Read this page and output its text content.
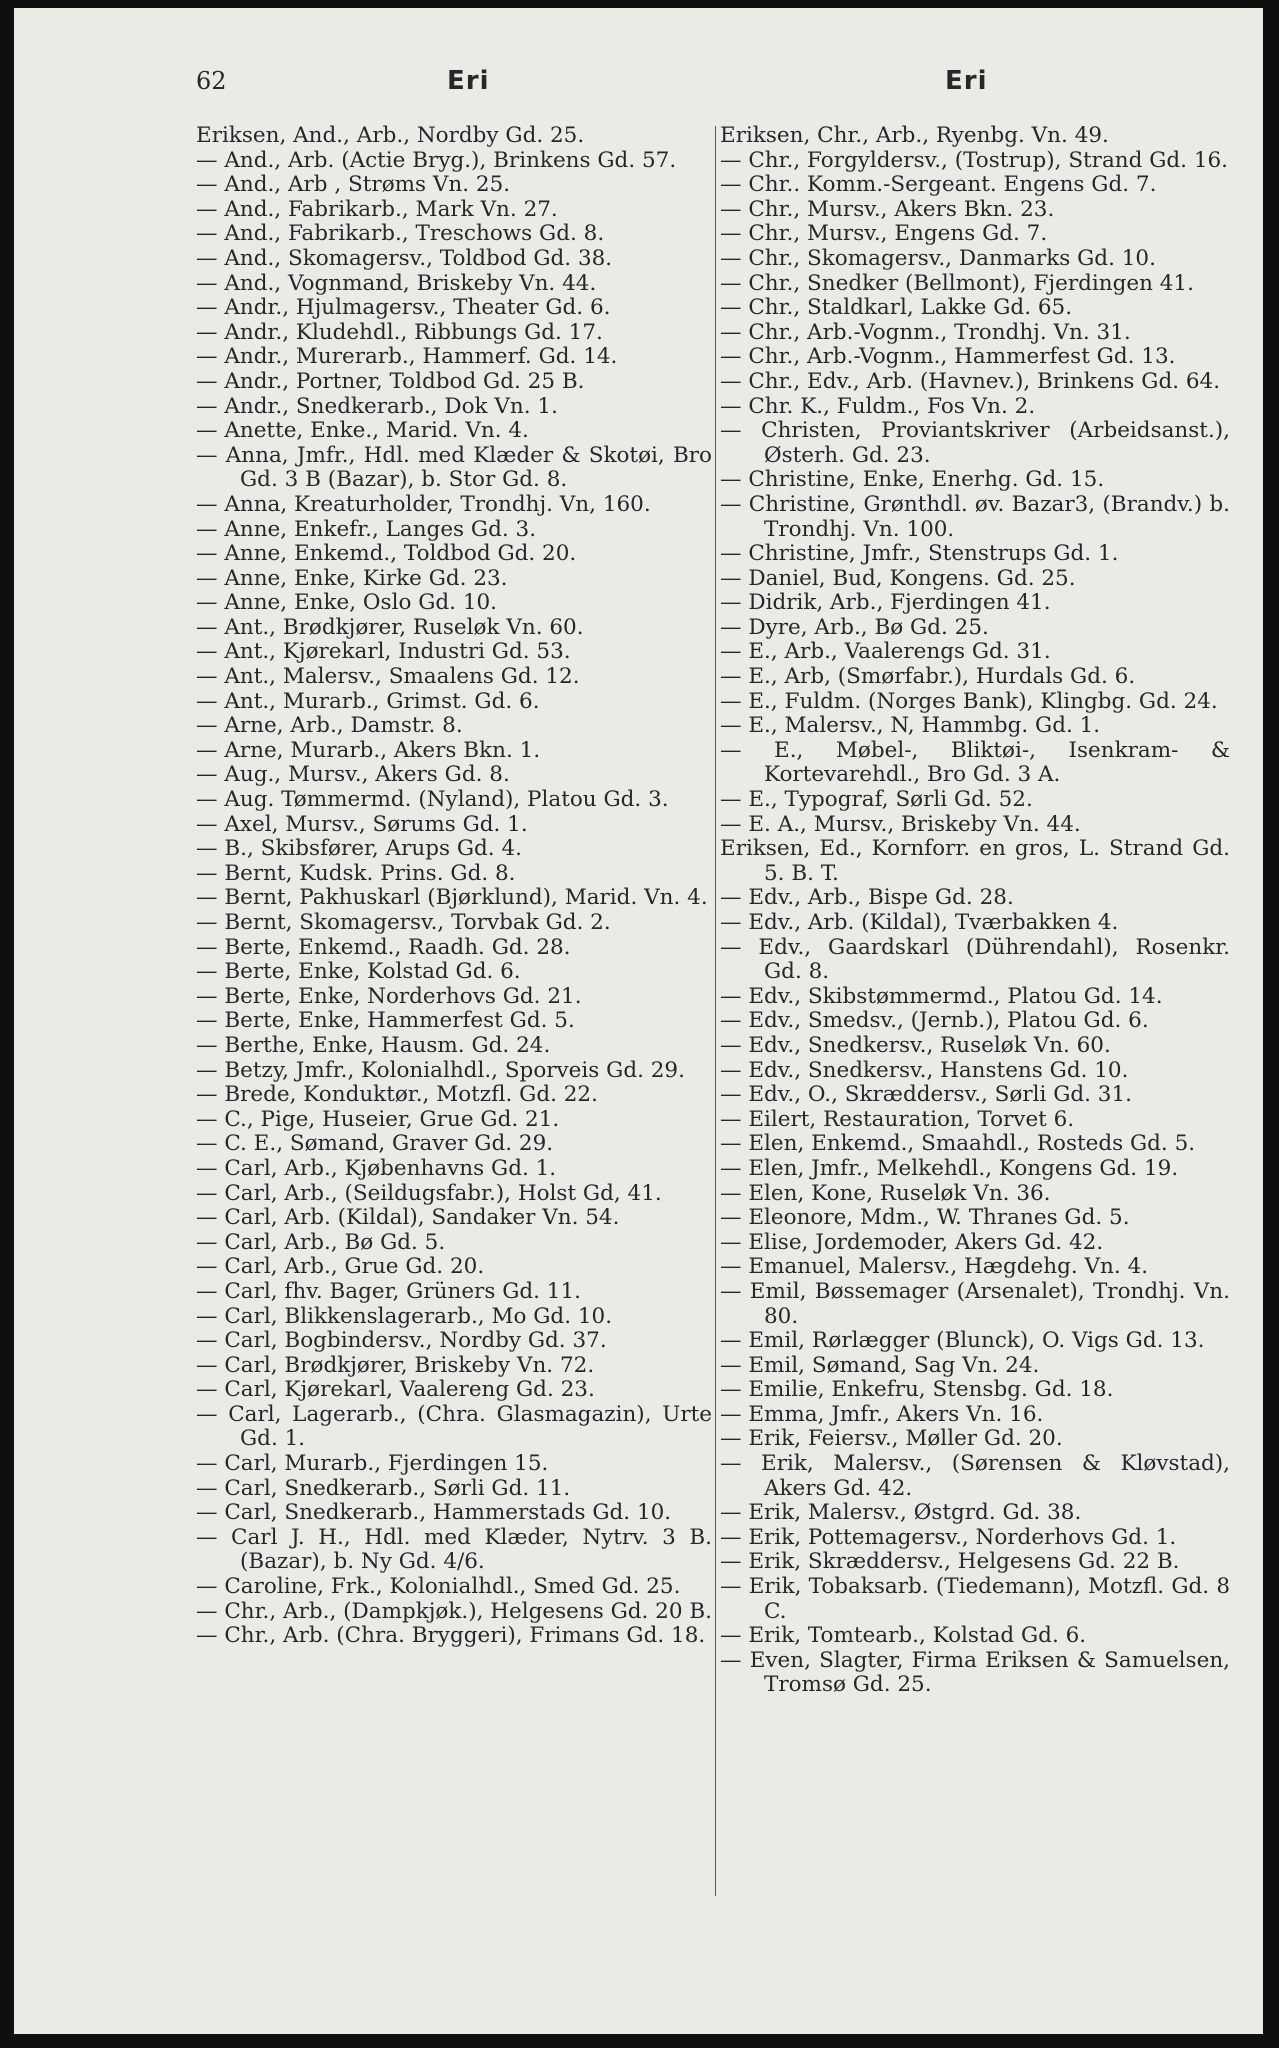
62	Eri	Eri
Eriksen, And., Arb., Nordby Gd. 25.
— And., Arb. (Actie Bryg.), Brinkens Gd. 57.
— And., Arb , Strøms Vn. 25.
— And., Fabrikarb., Mark Vn. 27.
— And., Fabrikarb., Treschows Gd. 8.
— And., Skomagersv., Toldbod Gd. 38.
— And., Vognmand, Briskeby Vn. 44.
— Andr., Hjulmagersv., Theater Gd. 6.
— Andr., Kludehdl., Ribbungs Gd. 17.
— Andr., Murerarb., Hammerf. Gd. 14.
— Andr., Portner, Toldbod Gd. 25 B.
— Andr., Snedkerarb., Dok Vn. 1.
— Anette, Enke., Marid. Vn. 4.
— Anna, Jmfr., Hdl. med Klæder & Skotøi, Bro Gd. 3 B (Bazar), b. Stor Gd. 8.
— Anna, Kreaturholder, Trondhj. Vn, 160.
— Anne, Enkefr., Langes Gd. 3.
— Anne, Enkemd., Toldbod Gd. 20.
— Anne, Enke, Kirke Gd. 23.
— Anne, Enke, Oslo Gd. 10.
— Ant., Brødkjører, Ruseløk Vn. 60.
— Ant., Kjørekarl, Industri Gd. 53.
— Ant., Malersv., Smaalens Gd. 12.
— Ant., Murarb., Grimst. Gd. 6.
— Arne, Arb., Damstr. 8.
— Arne, Murarb., Akers Bkn. 1.
— Aug., Mursv., Akers Gd. 8.
— Aug. Tømmermd. (Nyland), Platou Gd. 3.
— Axel, Mursv., Sørums Gd. 1.
— B., Skibsfører, Arups Gd. 4.
— Bernt, Kudsk. Prins. Gd. 8.
— Bernt, Pakhuskarl (Bjørklund), Marid. Vn. 4.
— Bernt, Skomagersv., Torvbak Gd. 2.
— Berte, Enkemd., Raadh. Gd. 28.
— Berte, Enke, Kolstad Gd. 6.
— Berte, Enke, Norderhovs Gd. 21.
— Berte, Enke, Hammerfest Gd. 5.
— Berthe, Enke, Hausm. Gd. 24.
— Betzy, Jmfr., Kolonialhdl., Sporveis Gd. 29.
— Brede, Konduktør., Motzfl. Gd. 22.
— C., Pige, Huseier, Grue Gd. 21.
— C. E., Sømand, Graver Gd. 29.
— Carl, Arb., Kjøbenhavns Gd. 1.
— Carl, Arb., (Seildugsfabr.), Holst Gd, 41.
— Carl, Arb. (Kildal), Sandaker Vn. 54.
— Carl, Arb., Bø Gd. 5.
— Carl, Arb., Grue Gd. 20.
— Carl, fhv. Bager, Grüners Gd. 11.
— Carl, Blikkenslagerarb., Mo Gd. 10.
— Carl, Bogbindersv., Nordby Gd. 37.
— Carl, Brødkjører, Briskeby Vn. 72.
— Carl, Kjørekarl, Vaalereng Gd. 23.
— Carl, Lagerarb., (Chra. Glasmagazin), Urte Gd. 1.
— Carl, Murarb., Fjerdingen 15.
— Carl, Snedkerarb., Sørli Gd. 11.
— Carl, Snedkerarb., Hammerstads Gd. 10.
— Carl J. H., Hdl. med Klæder, Nytrv. 3 B. (Bazar), b. Ny Gd. 4/6.
— Caroline, Frk., Kolonialhdl., Smed Gd. 25.
— Chr., Arb., (Dampkjøk.), Helgesens Gd. 20 B.
— Chr., Arb. (Chra. Bryggeri), Frimans Gd. 18.
Eriksen, Chr., Arb., Ryenbg. Vn. 49.
— Chr., Forgyldersv., (Tostrup), Strand Gd. 16.
— Chr.. Komm.-Sergeant. Engens Gd. 7.
— Chr., Mursv., Akers Bkn. 23.
— Chr., Mursv., Engens Gd. 7.
— Chr., Skomagersv., Danmarks Gd. 10.
— Chr., Snedker (Bellmont), Fjerdingen 41.
— Chr., Staldkarl, Lakke Gd. 65.
— Chr., Arb.-Vognm., Trondhj. Vn. 31.
— Chr., Arb.-Vognm., Hammerfest Gd. 13.
— Chr., Edv., Arb. (Havnev.), Brinkens Gd. 64.
— Chr. K., Fuldm., Fos Vn. 2.
— Christen, Proviantskriver (Arbeidsanst.), Østerh. Gd. 23.
— Christine, Enke, Enerhg. Gd. 15.
— Christine, Grønthdl. øv. Bazar3, (Brandv.) b. Trondhj. Vn. 100.
— Christine, Jmfr., Stenstrups Gd. 1.
— Daniel, Bud, Kongens. Gd. 25.
— Didrik, Arb., Fjerdingen 41.
— Dyre, Arb., Bø Gd. 25.
— E., Arb., Vaalerengs Gd. 31.
— E., Arb, (Smørfabr.), Hurdals Gd. 6.
— E., Fuldm. (Norges Bank), Klingbg. Gd. 24.
— E., Malersv., N, Hammbg. Gd. 1.
— E., Møbel-, Bliktøi-, Isenkram- & Kortevarehdl., Bro Gd. 3 A.
— E., Typograf, Sørli Gd. 52.
— E. A., Mursv., Briskeby Vn. 44.
Eriksen, Ed., Kornforr. en gros, L. Strand Gd. 5. B. T.
— Edv., Arb., Bispe Gd. 28.
— Edv., Arb. (Kildal), Tværbakken 4.
— Edv., Gaardskarl (Dührendahl), Rosenkr. Gd. 8.
— Edv., Skibstømmermd., Platou Gd. 14.
— Edv., Smedsv., (Jernb.), Platou Gd. 6.
— Edv., Snedkersv., Ruseløk Vn. 60.
— Edv., Snedkersv., Hanstens Gd. 10.
— Edv., O., Skræddersv., Sørli Gd. 31.
— Eilert, Restauration, Torvet 6.
— Elen, Enkemd., Smaahdl., Rosteds Gd. 5.
— Elen, Jmfr., Melkehdl., Kongens Gd. 19.
— Elen, Kone, Ruseløk Vn. 36.
— Eleonore, Mdm., W. Thranes Gd. 5.
— Elise, Jordemoder, Akers Gd. 42.
— Emanuel, Malersv., Hægdehg. Vn. 4.
— Emil, Bøssemager (Arsenalet), Trondhj. Vn. 80.
— Emil, Rørlægger (Blunck), O. Vigs Gd. 13.
— Emil, Sømand, Sag Vn. 24.
— Emilie, Enkefru, Stensbg. Gd. 18.
— Emma, Jmfr., Akers Vn. 16.
— Erik, Feiersv., Møller Gd. 20.
— Erik, Malersv., (Sørensen & Kløvstad), Akers Gd. 42.
— Erik, Malersv., Østgrd. Gd. 38.
— Erik, Pottemagersv., Norderhovs Gd. 1.
— Erik, Skræddersv., Helgesens Gd. 22 B.
— Erik, Tobaksarb. (Tiedemann), Motzfl. Gd. 8 C.
— Erik, Tomtearb., Kolstad Gd. 6.
— Even, Slagter, Firma Eriksen & Samuelsen, Tromsø Gd. 25.
